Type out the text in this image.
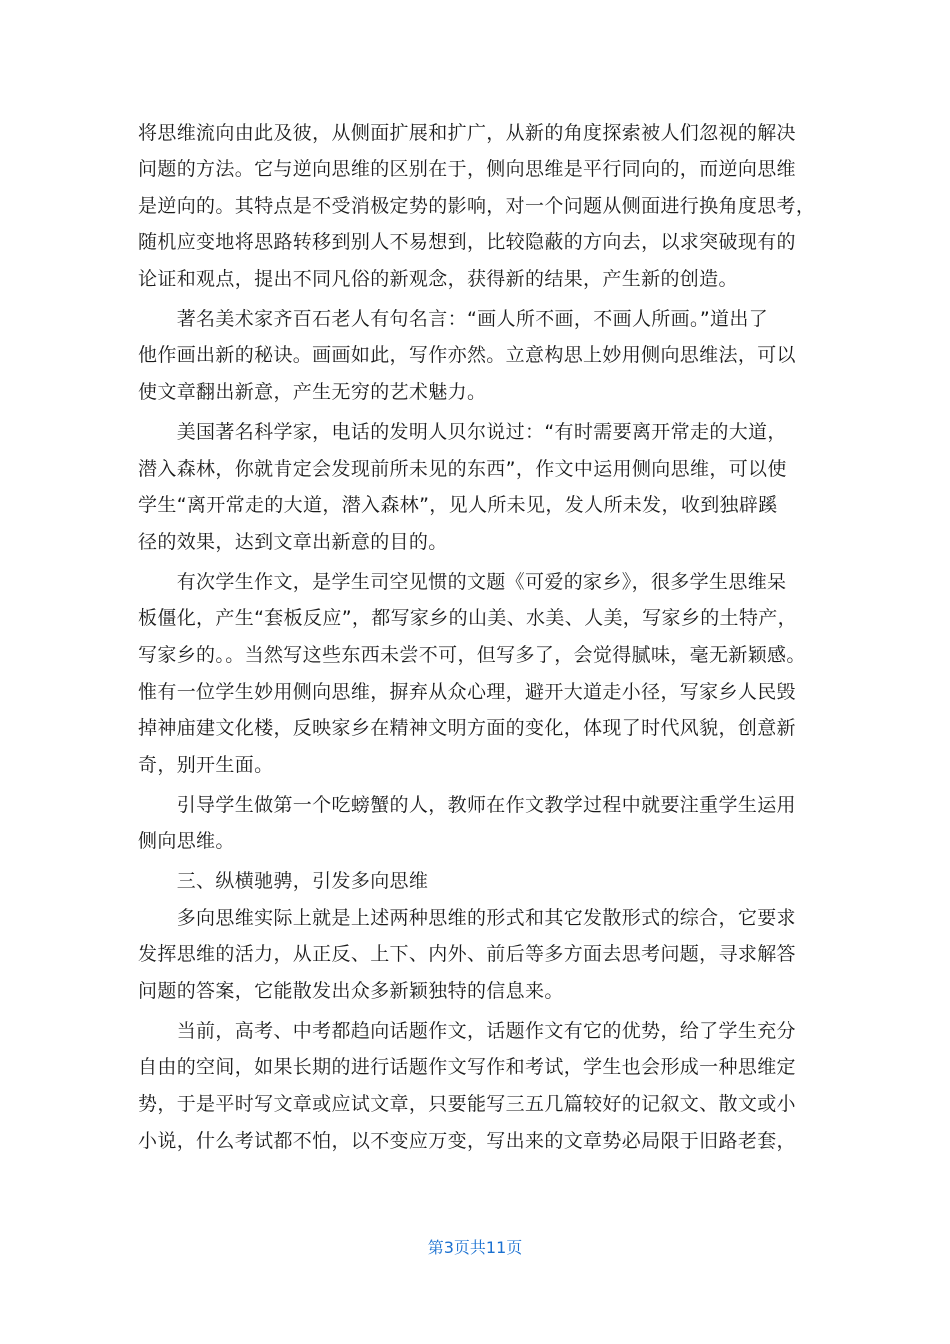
将思维流向由此及彼，从侧面扩展和扩广，从新的角度探索被人们忽视的解决
问题的方法。它与逆向思维的区别在于，侧向思维是平行同向的，而逆向思维
是逆向的。其特点是不受消极定势的影响，对一个问题从侧面进行换角度思考，
随机应变地将思路转移到别人不易想到，比较隐蔽的方向去，以求突破现有的
论证和观点，提出不同凡俗的新观念，获得新的结果，产生新的创造。
　　著名美术家齐百石老人有句名言：“画人所不画，不画人所画。”道出了
他作画出新的秘诀。画画如此，写作亦然。立意构思上妙用侧向思维法，可以
使文章翻出新意，产生无穷的艺术魅力。
　　美国著名科学家，电话的发明人贝尔说过：“有时需要离开常走的大道，
潜入森林，你就肯定会发现前所未见的东西”，作文中运用侧向思维，可以使
学生“离开常走的大道，潜入森林”，见人所未见，发人所未发，收到独辟蹊
径的效果，达到文章出新意的目的。
　　有次学生作文，是学生司空见惯的文题《可爱的家乡》，很多学生思维呆
板僵化，产生“套板反应”，都写家乡的山美、水美、人美，写家乡的土特产，
写家乡的。。当然写这些东西未尝不可，但写多了，会觉得腻味，毫无新颖感。
惟有一位学生妙用侧向思维，摒弃从众心理，避开大道走小径，写家乡人民毁
掉神庙建文化楼，反映家乡在精神文明方面的变化，体现了时代风貌，创意新
奇，别开生面。
　　引导学生做第一个吃螃蟹的人，教师在作文教学过程中就要注重学生运用
侧向思维。
　　三、纵横驰骋，引发多向思维
　　多向思维实际上就是上述两种思维的形式和其它发散形式的综合，它要求
发挥思维的活力，从正反、上下、内外、前后等多方面去思考问题，寻求解答
问题的答案，它能散发出众多新颖独特的信息来。
　　当前，高考、中考都趋向话题作文，话题作文有它的优势，给了学生充分
自由的空间，如果长期的进行话题作文写作和考试，学生也会形成一种思维定
势，于是平时写文章或应试文章，只要能写三五几篇较好的记叙文、散文或小
小说，什么考试都不怕，以不变应万变，写出来的文章势必局限于旧路老套，
第3页共11页
